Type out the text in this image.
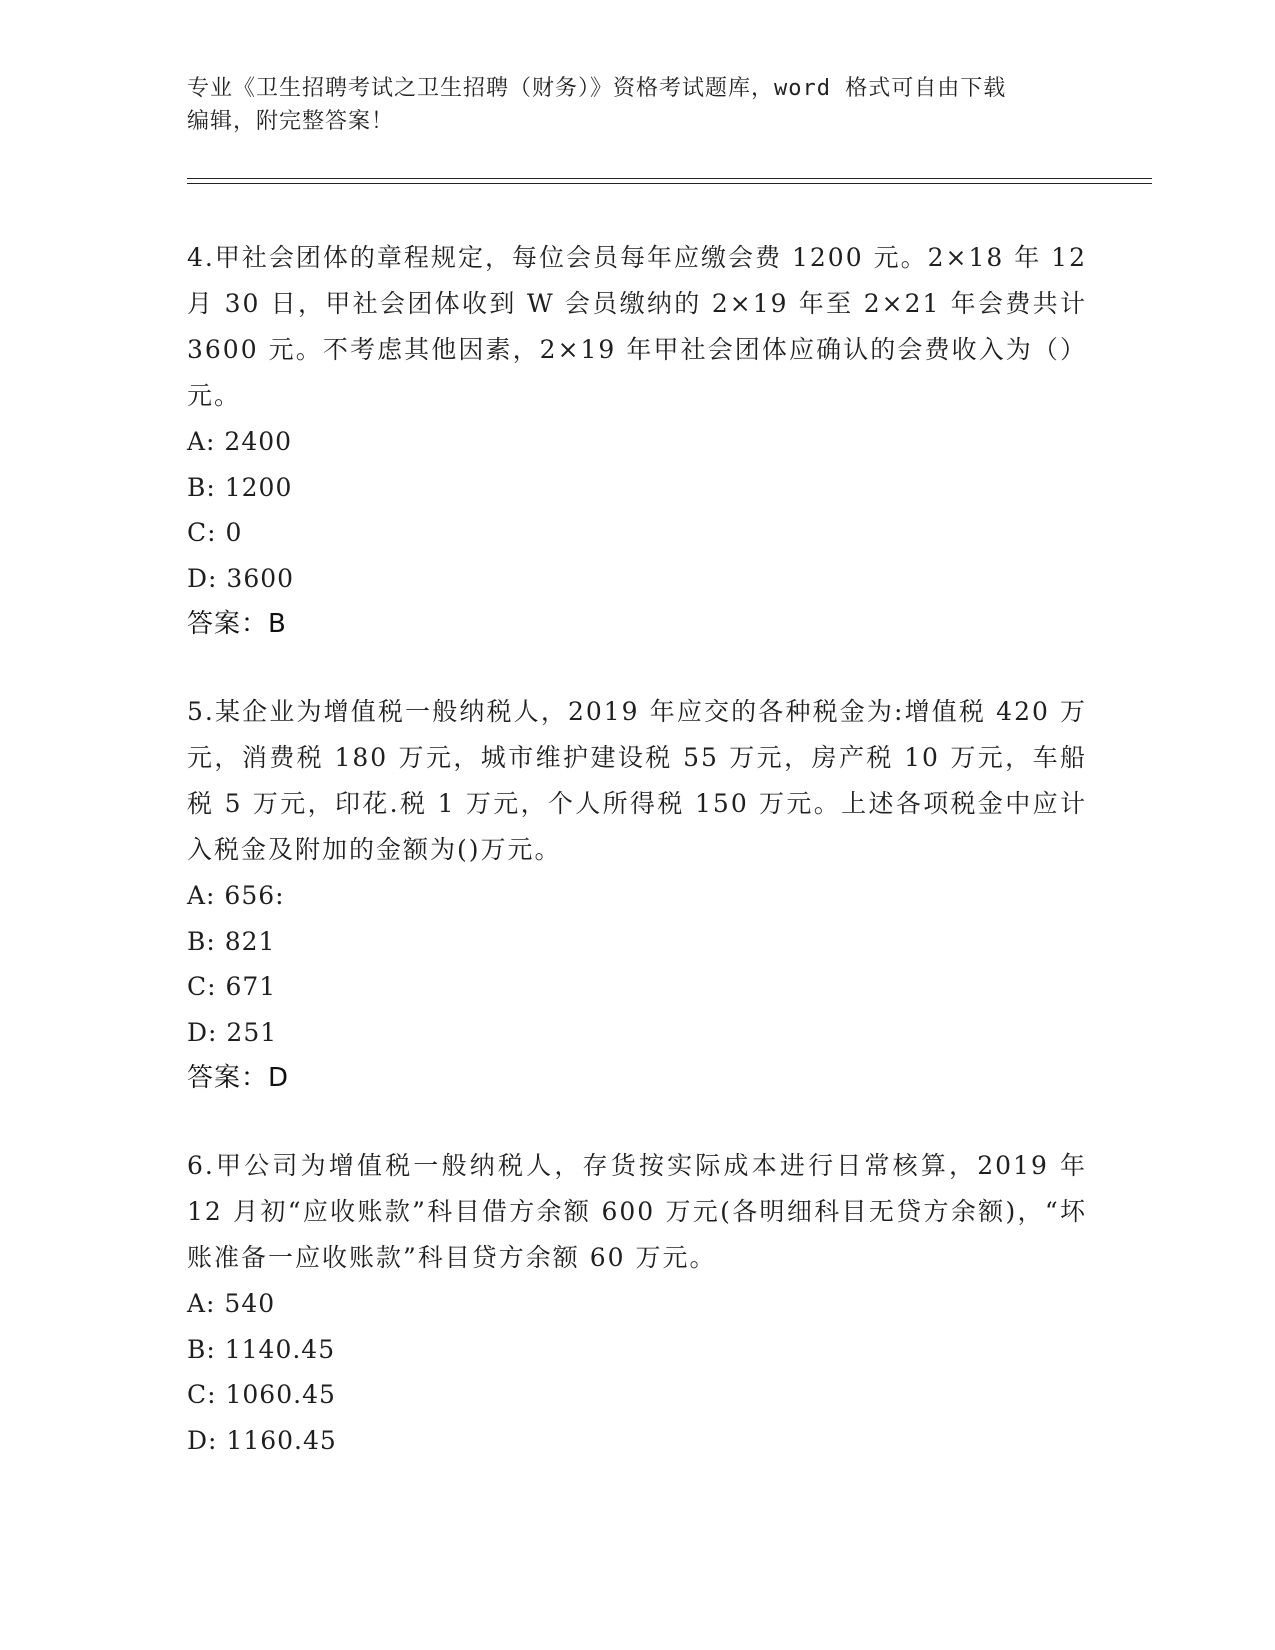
专业《卫生招聘考试之卫生招聘（财务）》资格考试题库，word 格式可自由下载
编辑，附完整答案！

4.甲社会团体的章程规定，每位会员每年应缴会费 1200 元。2×18 年 12 月 30 日，甲社会团体收到 W 会员缴纳的 2×19 年至 2×21 年会费共计 3600 元。不考虑其他因素，2×19 年甲社会团体应确认的会费收入为（）元。

A: 2400

B: 1200

C: 0

D: 3600

答案：B

5.某企业为增值税一般纳税人，2019 年应交的各种税金为:增值税 420 万元，消费税 180 万元，城市维护建设税 55 万元，房产税 10 万元，车船税 5 万元，印花.税 1 万元，个人所得税 150 万元。上述各项税金中应计入税金及附加的金额为()万元。

A: 656:

B: 821

C: 671

D: 251

答案：D

6.甲公司为增值税一般纳税人，存货按实际成本进行日常核算，2019 年 12 月初“应收账款”科目借方余额 600 万元(各明细科目无贷方余额)，“坏账准备一应收账款”科目贷方余额 60 万元。

A: 540

B: 1140.45

C: 1060.45

D: 1160.45
